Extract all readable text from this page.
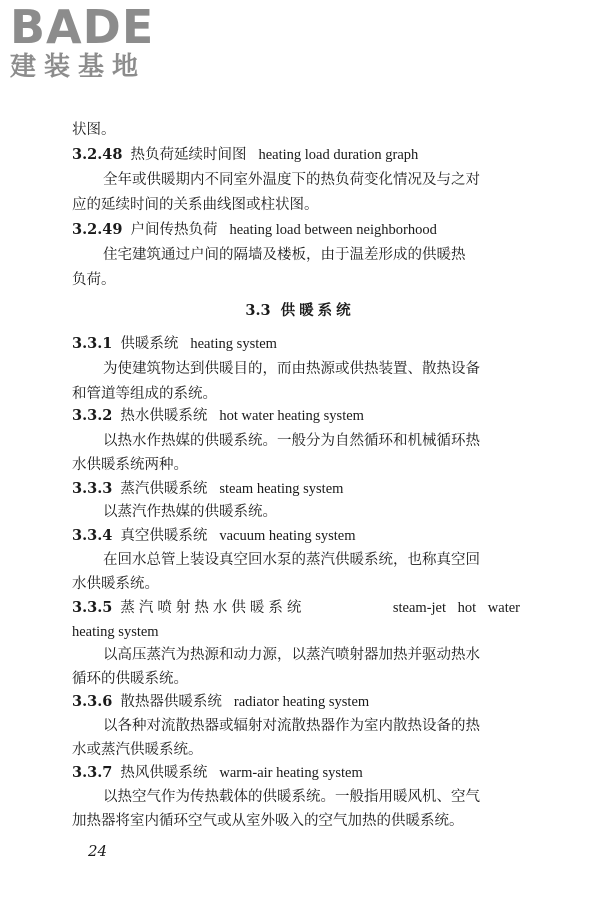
BADE
建装基地
状图。
3.2.48 热负荷延续时间图 heating load duration graph
全年或供暖期内不同室外温度下的热负荷变化情况及与之对
应的延续时间的关系曲线图或柱状图。
3.2.49 户间传热负荷 heating load between neighborhood
住宅建筑通过户间的隔墙及楼板，由于温差形成的供暖热
负荷。
3.3 供暖系统
3.3.1 供暖系统 heating system
为使建筑物达到供暖目的，而由热源或供热装置、散热设备
和管道等组成的系统。
3.3.2 热水供暖系统 hot water heating system
以热水作热媒的供暖系统。一般分为自然循环和机械循环热
水供暖系统两种。
3.3.3 蒸汽供暖系统 steam heating system
以蒸汽作热媒的供暖系统。
3.3.4 真空供暖系统 vacuum heating system
在回水总管上装设真空回水泵的蒸汽供暖系统，也称真空回
水供暖系统。
3.3.5 蒸汽喷射热水供暖系统	steam-jet hot water
heating system
以高压蒸汽为热源和动力源，以蒸汽喷射器加热并驱动热水
循环的供暖系统。
3.3.6 散热器供暖系统 radiator heating system
以各种对流散热器或辐射对流散热器作为室内散热设备的热
水或蒸汽供暖系统。
3.3.7 热风供暖系统 warm-air heating system
以热空气作为传热载体的供暖系统。一般指用暖风机、空气
加热器将室内循环空气或从室外吸入的空气加热的供暖系统。
24
